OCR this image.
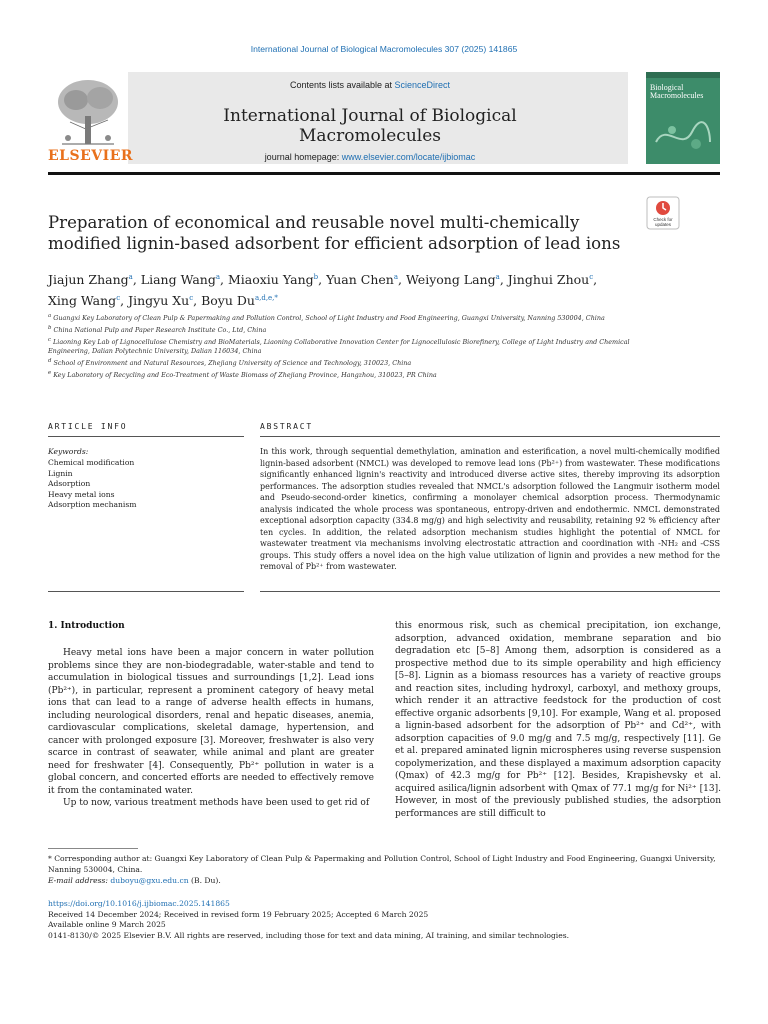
International Journal of Biological Macromolecules 307 (2025) 141865
ELSEVIER
Contents lists available at ScienceDirect
International Journal of Biological Macromolecules
journal homepage: www.elsevier.com/locate/ijbiomac
Biological Macromolecules
Preparation of economical and reusable novel multi-chemically modified lignin-based adsorbent for efficient adsorption of lead ions
Check for
updates
Jiajun Zhang$^a$, Liang Wang$^a$, Miaoxiu Yang$^b$, Yuan Chen$^a$, Weiyong Lang$^a$, Jinghui Zhou$^c$,
Xing Wang$^c$, Jingyu Xu$^c$, Boyu $Du^{a,d,e,*}$

$^a$ Guangxi Key Laboratory of Clean Pulp & Papermaking and Pollution Control, School of Light Industry and Food Engineering, Guangxi University, Nanning 530004, China

$^b$ China National Pulp and Paper Research Institute Co., Ltd, China

$^c$ Liaoning Key Lab of Lignocellulose Chemistry and BioMaterials, Liaoning Collaborative Innovation Center for Lignocellulosic Biorefinery, College of Light Industry and Chemical Engineering, Dalian Polytechnic University, Dalian 116034, China

$^d$ School of Environment and Natural Resources, Zhejiang University of Science and Technology, 310023, China

$^e$ Key Laboratory of Recycling and Eco-Treatment of Waste Biomass of Zhejiang Province, Hangzhou, 310023, PR China

ARTICLE INFO	ABSTRACT
Keywords:
Chemical modification
Lignin
Adsorption
Heavy metal ions
Adsorption mechanism

In this work, through sequential demethylation, amination and esterification, a novel multi-chemically modified lignin-based adsorbent (NMCL) was developed to remove lead ions (Pb²⁺) from wastewater. These modifications significantly enhanced lignin's reactivity and introduced diverse active sites, thereby improving its adsorption performances. The adsorption studies revealed that NMCL's adsorption followed the Langmuir isotherm model and Pseudo-second-order kinetics, confirming a monolayer chemical adsorption process. Thermodynamic analysis indicated the whole process was spontaneous, entropy-driven and endothermic. NMCL demonstrated exceptional adsorption capacity (334.8 mg/g) and high selectivity and reusability, retaining 92 % efficiency after ten cycles. In addition, the related adsorption mechanism studies highlight the potential of NMCL for wastewater treatment via mechanisms involving electrostatic attraction and coordination with -NH₂ and -CSS groups. This study offers a novel idea on the high value utilization of lignin and provides a new method for the removal of Pb²⁺ from wastewater.

1. Introduction

Heavy metal ions have been a major concern in water pollution problems since they are non-biodegradable, water-stable and tend to accumulation in biological tissues and surroundings [1,2]. Lead ions (Pb²⁺), in particular, represent a prominent category of heavy metal ions that can lead to a range of adverse health effects in humans, including neurological disorders, renal and hepatic diseases, anemia, cardiovascular complications, skeletal damage, hypertension, and cancer with prolonged exposure [3]. Moreover, freshwater is also very scarce in contrast of seawater, while animal and plant are greater need for freshwater [4]. Consequently, Pb²⁺ pollution in water is a global concern, and concerted efforts are needed to effectively remove it from the contaminated water.

Up to now, various treatment methods have been used to get rid of

this enormous risk, such as chemical precipitation, ion exchange, adsorption, advanced oxidation, membrane separation and bio degradation etc [5–8] Among them, adsorption is considered as a prospective method due to its simple operability and high efficiency [5–8]. Lignin as a biomass resources has a variety of reactive groups and reaction sites, including hydroxyl, carboxyl, and methoxy groups, which render it an attractive feedstock for the production of cost effective organic adsorbents [9,10]. For example, Wang et al. proposed a lignin-based adsorbent for the adsorption of Pb²⁺ and Cd²⁺, with adsorption capacities of 9.0 mg/g and 7.5 mg/g, respectively [11]. Ge et al. prepared aminated lignin microspheres using reverse suspension copolymerization, and these displayed a maximum adsorption capacity (Qmax) of 42.3 mg/g for Pb²⁺ [12]. Besides, Krapishevsky et al. acquired asilica/lignin adsorbent with Qmax of 77.1 mg/g for Ni²⁺ [13]. However, in most of the previously published studies, the adsorption performances are still difficult to

* Corresponding author at: Guangxi Key Laboratory of Clean Pulp & Papermaking and Pollution Control, School of Light Industry and Food Engineering, Guangxi University, Nanning 530004, China.

E-mail address: duboyu@gxu.edu.cn (B. Du).

https://doi.org/10.1016/j.ijbiomac.2025.141865

Received 14 December 2024; Received in revised form 19 February 2025; Accepted 6 March 2025

Available online 9 March 2025

0141-8130/© 2025 Elsevier B.V. All rights are reserved, including those for text and data mining, AI training, and similar technologies.
